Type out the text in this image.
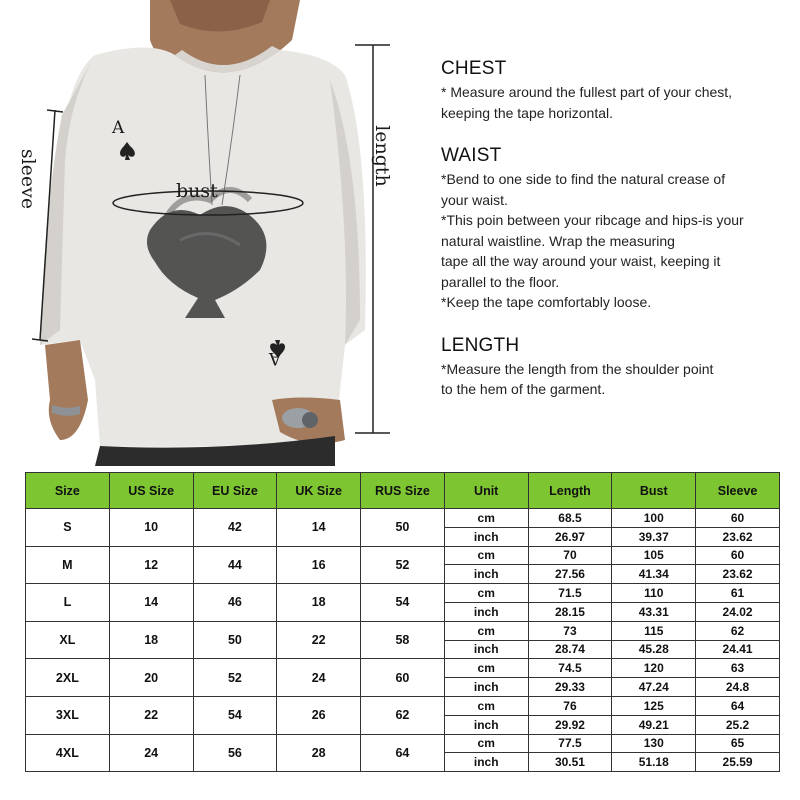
sleeve	length
bust
A
A
CHEST
* Measure around the fullest part of your chest,
keeping the tape horizontal.
WAIST
*Bend to one side to find the natural crease of
your waist.
*This poin between your ribcage and hips-is your
natural waistline. Wrap the measuring
tape all the way around your waist, keeping it
parallel to the floor.
*Keep the tape comfortably loose.
LENGTH
*Measure the length from the shoulder point
to the hem of the garment.
Size	US Size	EU Size	UK Size	RUS Size	Unit	Length	Bust	Sleeve
S	10	42	14	50	cm	68.5	100	60
					inch	26.97	39.37	23.62
M	12	44	16	52	cm	70	105	60
					inch	27.56	41.34	23.62
L	14	46	18	54	cm	71.5	110	61
					inch	28.15	43.31	24.02
XL	18	50	22	58	cm	73	115	62
					inch	28.74	45.28	24.41
2XL	20	52	24	60	cm	74.5	120	63
					inch	29.33	47.24	24.8
3XL	22	54	26	62	cm	76	125	64
					inch	29.92	49.21	25.2
4XL	24	56	28	64	cm	77.5	130	65
					inch	30.51	51.18	25.59
